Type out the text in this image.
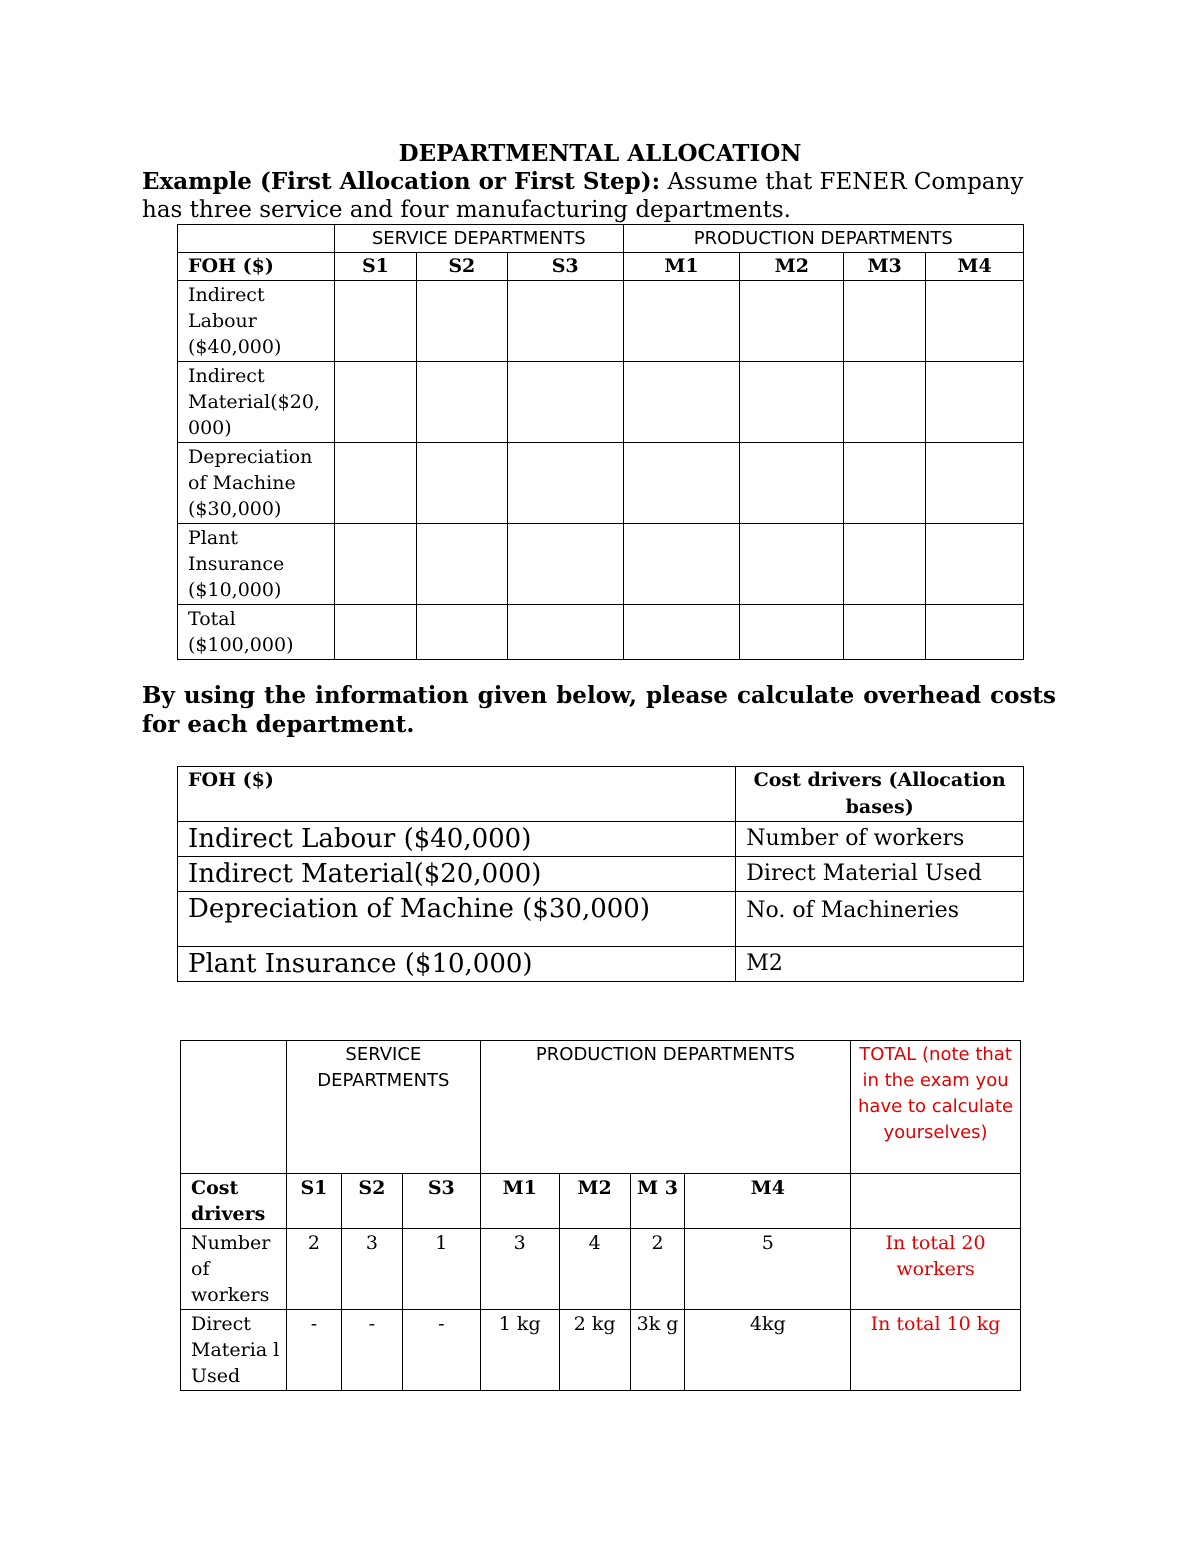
DEPARTMENTAL ALLOCATION
Example (First Allocation or First Step): Assume that FENER Company has three service and four manufacturing departments.
	SERVICE DEPARTMENTS			PRODUCTION DEPARTMENTS			
FOH ($)	S1	S2	S3	M1	M2	M3	M4
Indirect Labour ($40,000)							
Indirect Material($20, 000)							
Depreciation of Machine ($30,000)							
Plant Insurance ($10,000)							
Total ($100,000)							
By using the information given below, please calculate overhead costs for each department.
FOH ($)	Cost drivers (Allocation bases)
Indirect Labour ($40,000)	Number of workers
Indirect Material($20,000)	Direct Material Used
Depreciation of Machine ($30,000)	No. of Machineries
Plant Insurance ($10,000)	M2
	SERVICE DEPARTMENTS			PRODUCTION DEPARTMENTS				TOTAL (note that in the exam you have to calculate yourselves)
Cost drivers	S1	S2	S3	M1	M2	M 3	M4	
Number of workers	2	3	1	3	4	2	5	In total 20 workers
Direct Materia l Used	-	-	-	1 kg	2 kg	3k g	4kg	In total 10 kg
